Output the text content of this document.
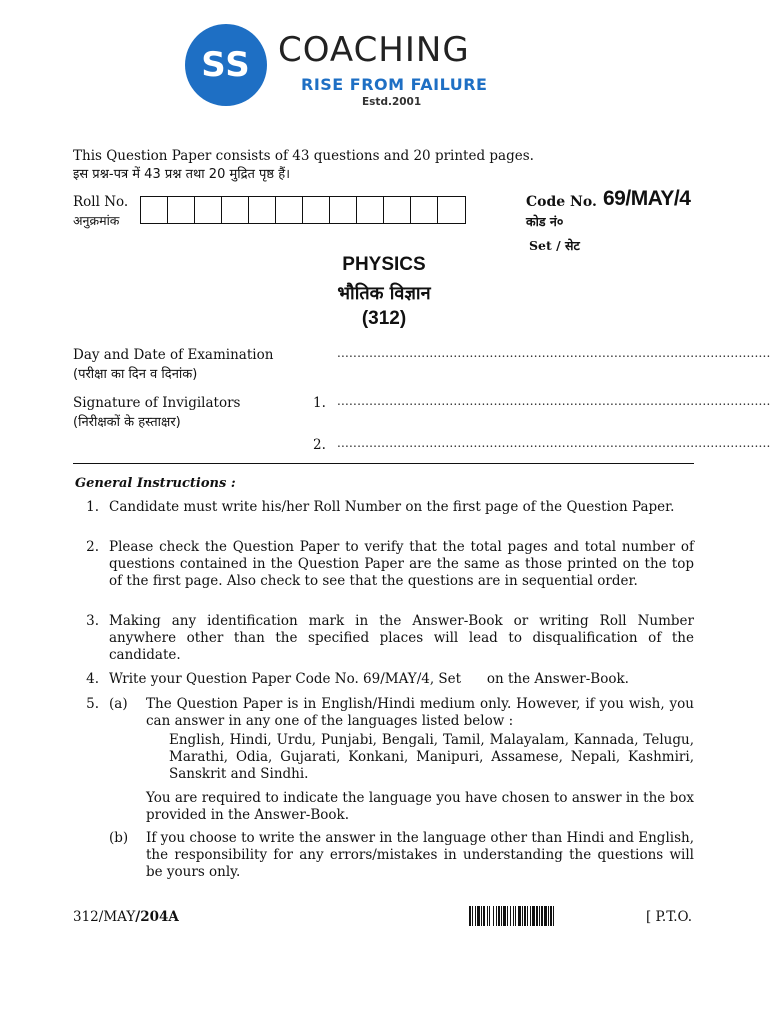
SS COACHING
RISE FROM FAILURE
Estd.2001
This Question Paper consists of 43 questions and 20 printed pages.
इस प्रश्न-पत्र में 43 प्रश्न तथा 20 मुद्रित पृष्ठ हैं।
Roll No.
अनुक्रमांक
Code No. 69/MAY/4
कोड नं०
Set / सेट
PHYSICS
भौतिक विज्ञान
(312)
Day and Date of Examination
(परीक्षा का दिन व दिनांक)
............................................................................................................
Signature of Invigilators
(निरीक्षकों के हस्ताक्षर)
1. ............................................................................................................
2. ............................................................................................................
General Instructions :
1. Candidate must write his/her Roll Number on the first page of the Question Paper.
2. Please check the Question Paper to verify that the total pages and total number of questions contained in the Question Paper are the same as those printed on the top of the first page. Also check to see that the questions are in sequential order.
3. Making any identification mark in the Answer-Book or writing Roll Number anywhere other than the specified places will lead to disqualification of the candidate.
4. Write your Question Paper Code No. 69/MAY/4, Set      on the Answer-Book.
5. (a) The Question Paper is in English/Hindi medium only. However, if you wish, you can answer in any one of the languages listed below :
English, Hindi, Urdu, Punjabi, Bengali, Tamil, Malayalam, Kannada, Telugu, Marathi, Odia, Gujarati, Konkani, Manipuri, Assamese, Nepali, Kashmiri, Sanskrit and Sindhi.
You are required to indicate the language you have chosen to answer in the box provided in the Answer-Book.
(b) If you choose to write the answer in the language other than Hindi and English, the responsibility for any errors/mistakes in understanding the questions will be yours only.
312/MAY/204A	[ P.T.O.
